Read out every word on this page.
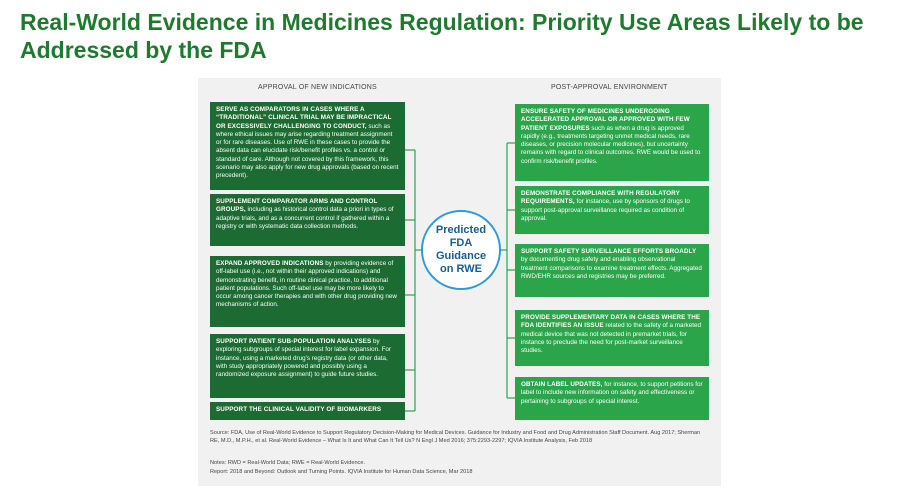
Real-World Evidence in Medicines Regulation: Priority Use Areas Likely to be Addressed by the FDA
APPROVAL OF NEW INDICATIONS	POST-APPROVAL ENVIRONMENT
SERVE AS COMPARATORS IN CASES WHERE A “TRADITIONAL” CLINICAL TRIAL MAY BE IMPRACTICAL OR EXCESSIVELY CHALLENGING TO CONDUCT, such as where ethical issues may arise regarding treatment assignment or for rare diseases. Use of RWE in these cases to provide the absent data can elucidate risk/benefit profiles vs. a control or standard of care. Although not covered by this framework, this scenario may also apply for new drug approvals (based on recent precedent).
SUPPLEMENT COMPARATOR ARMS AND CONTROL GROUPS, including as historical control data a priori in types of adaptive trials, and as a concurrent control if gathered within a registry or with systematic data collection methods.
EXPAND APPROVED INDICATIONS by providing evidence of off-label use (i.e., not within their approved indications) and demonstrating benefit, in routine clinical practice, to additional patient populations. Such off-label use may be more likely to occur among cancer therapies and with other drug providing new mechanisms of action.
SUPPORT PATIENT SUB-POPULATION ANALYSES by exploring subgroups of special interest for label expansion. For instance, using a marketed drug’s registry data (or other data, with study appropriately powered and possibly using a randomized exposure assignment) to guide future studies.
SUPPORT THE CLINICAL VALIDITY OF BIOMARKERS
Predicted FDA Guidance on RWE
ENSURE SAFETY OF MEDICINES UNDERGOING ACCELERATED APPROVAL OR APPROVED WITH FEW PATIENT EXPOSURES such as when a drug is approved rapidly (e.g., treatments targeting unmet medical needs, rare diseases, or precision molecular medicines), but uncertainty remains with regard to clinical outcomes. RWE would be used to confirm risk/benefit profiles.
DEMONSTRATE COMPLIANCE WITH REGULATORY REQUIREMENTS, for instance, use by sponsors of drugs to support post-approval surveillance required as condition of approval.
SUPPORT SAFETY SURVEILLANCE EFFORTS BROADLY by documenting drug safety and enabling observational treatment comparisons to examine treatment effects. Aggregated RWD/EHR sources and registries may be preferred.
PROVIDE SUPPLEMENTARY DATA IN CASES WHERE THE FDA IDENTIFIES AN ISSUE related to the safety of a marketed medical device that was not detected in premarket trials, for instance to preclude the need for post-market surveillance studies.
OBTAIN LABEL UPDATES, for instance, to support petitions for label to include new information on safety and effectiveness or pertaining to subgroups of special interest.
Source: FDA, Use of Real-World Evidence to Support Regulatory Decision-Making for Medical Devices. Guidance for Industry and Food and Drug Administration Staff Document. Aug 2017; Sherman RE, M.D., M.P.H., et al. Real-World Evidence – What Is It and What Can It Tell Us? N Engl J Med 2016; 375:2293-2297; IQVIA Institute Analysis, Feb 2018
Notes: RWD = Real-World Data; RWE = Real-World Evidence.
Report: 2018 and Beyond: Outlook and Turning Points. IQVIA Institute for Human Data Science, Mar 2018
